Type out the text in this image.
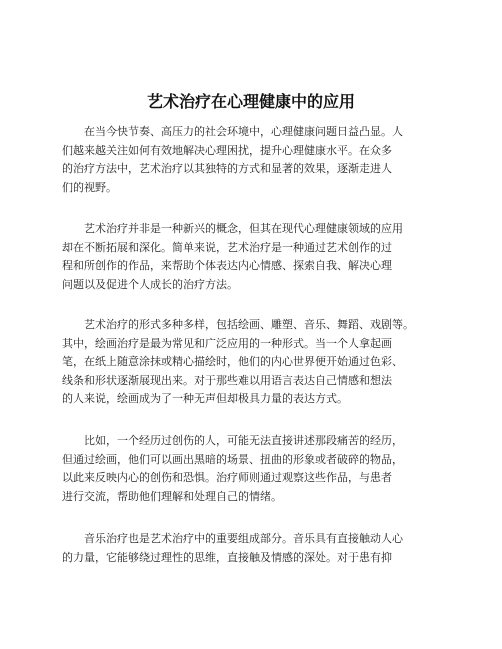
艺术治疗在心理健康中的应用
在当今快节奏、高压力的社会环境中，心理健康问题日益凸显。人
们越来越关注如何有效地解决心理困扰，提升心理健康水平。在众多
的治疗方法中，艺术治疗以其独特的方式和显著的效果，逐渐走进人
们的视野。
艺术治疗并非是一种新兴的概念，但其在现代心理健康领域的应用
却在不断拓展和深化。简单来说，艺术治疗是一种通过艺术创作的过
程和所创作的作品，来帮助个体表达内心情感、探索自我、解决心理
问题以及促进个人成长的治疗方法。
艺术治疗的形式多种多样，包括绘画、雕塑、音乐、舞蹈、戏剧等。
其中，绘画治疗是最为常见和广泛应用的一种形式。当一个人拿起画
笔，在纸上随意涂抹或精心描绘时，他们的内心世界便开始通过色彩、
线条和形状逐渐展现出来。对于那些难以用语言表达自己情感和想法
的人来说，绘画成为了一种无声但却极具力量的表达方式。
比如，一个经历过创伤的人，可能无法直接讲述那段痛苦的经历，
但通过绘画，他们可以画出黑暗的场景、扭曲的形象或者破碎的物品，
以此来反映内心的创伤和恐惧。治疗师则通过观察这些作品，与患者
进行交流，帮助他们理解和处理自己的情绪。
音乐治疗也是艺术治疗中的重要组成部分。音乐具有直接触动人心
的力量，它能够绕过理性的思维，直接触及情感的深处。对于患有抑
